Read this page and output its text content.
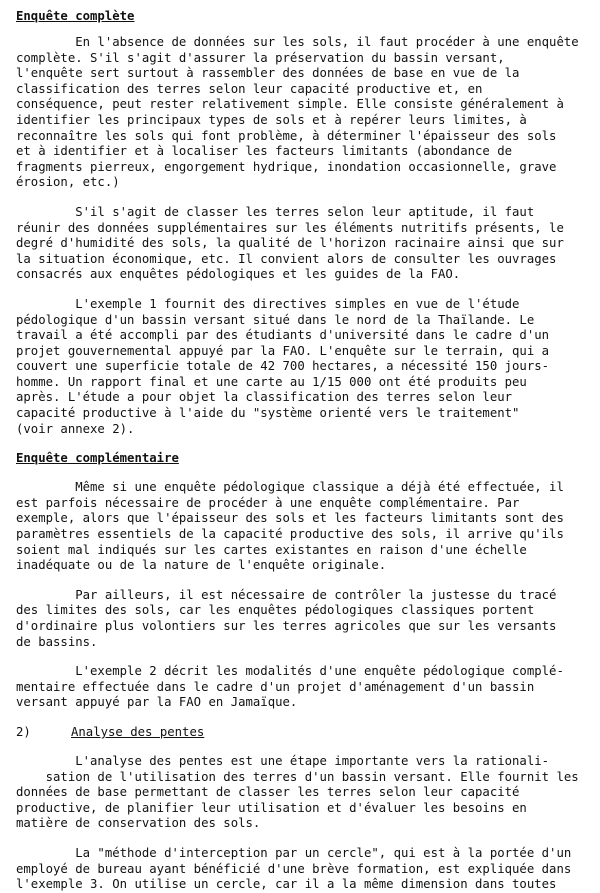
Enquête complète

En l'absence de données sur les sols, il faut procéder à une enquête
complète. S'il s'agit d'assurer la préservation du bassin versant,
l'enquête sert surtout à rassembler des données de base en vue de la
classification des terres selon leur capacité productive et, en
conséquence, peut rester relativement simple. Elle consiste généralement à
identifier les principaux types de sols et à repérer leurs limites, à
reconnaître les sols qui font problème, à déterminer l'épaisseur des sols
et à identifier et à localiser les facteurs limitants (abondance de
fragments pierreux, engorgement hydrique, inondation occasionnelle, grave
érosion, etc.)

S'il s'agit de classer les terres selon leur aptitude, il faut
réunir des données supplémentaires sur les éléments nutritifs présents, le
degré d'humidité des sols, la qualité de l'horizon racinaire ainsi que sur
la situation économique, etc. Il convient alors de consulter les ouvrages
consacrés aux enquêtes pédologiques et les guides de la FAO.

L'exemple 1 fournit des directives simples en vue de l'étude
pédologique d'un bassin versant situé dans le nord de la Thaïlande. Le
travail a été accompli par des étudiants d'université dans le cadre d'un
projet gouvernemental appuyé par la FAO. L'enquête sur le terrain, qui a
couvert une superficie totale de 42 700 hectares, a nécessité 150 jours-
homme. Un rapport final et une carte au 1/15 000 ont été produits peu
après. L'étude a pour objet la classification des terres selon leur
capacité productive à l'aide du "système orienté vers le traitement"
(voir annexe 2).

Enquête complémentaire

Même si une enquête pédologique classique a déjà été effectuée, il
est parfois nécessaire de procéder à une enquête complémentaire. Par
exemple, alors que l'épaisseur des sols et les facteurs limitants sont des
paramètres essentiels de la capacité productive des sols, il arrive qu'ils
soient mal indiqués sur les cartes existantes en raison d'une échelle
inadéquate ou de la nature de l'enquête originale.

Par ailleurs, il est nécessaire de contrôler la justesse du tracé
des limites des sols, car les enquêtes pédologiques classiques portent
d'ordinaire plus volontiers sur les terres agricoles que sur les versants
de bassins.

L'exemple 2 décrit les modalités d'une enquête pédologique complé-
mentaire effectuée dans le cadre d'un projet d'aménagement d'un bassin
versant appuyé par la FAO en Jamaïque.

2)	Analyse des pentes

L'analyse des pentes est une étape importante vers la rationali-
sation de l'utilisation des terres d'un bassin versant. Elle fournit les
données de base permettant de classer les terres selon leur capacité
productive, de planifier leur utilisation et d'évaluer les besoins en
matière de conservation des sols.

La "méthode d'interception par un cercle", qui est à la portée d'un
employé de bureau ayant bénéficié d'une brève formation, est expliquée dans
l'exemple 3. On utilise un cercle, car il a la même dimension dans toutes
